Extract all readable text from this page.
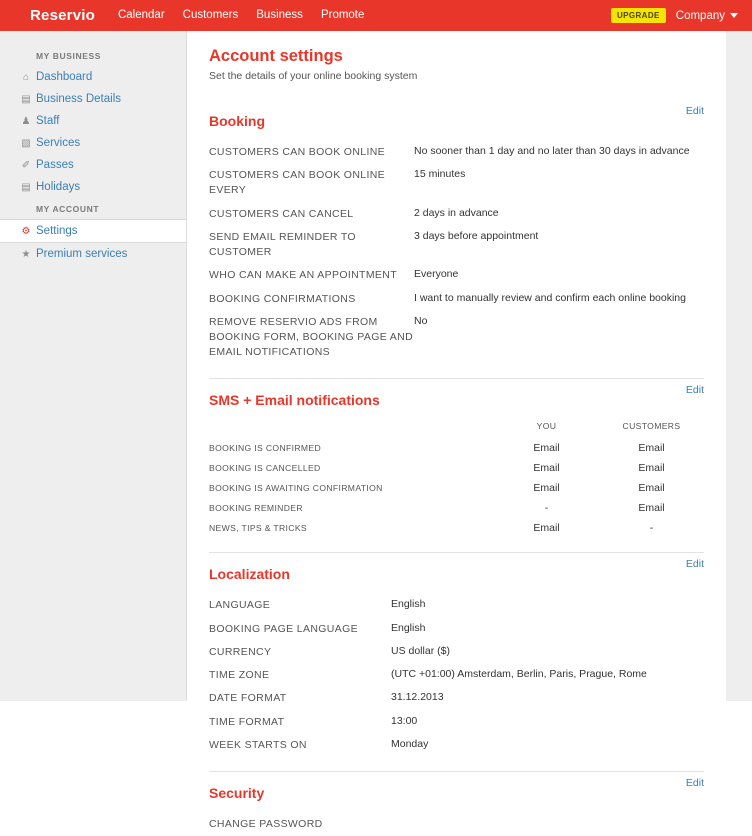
Reservio	Calendar	Customers	Business	Promote	UPGRADE	Company
MY BUSINESS
⌂ Dashboard
▤ Business Details
♟ Staff
▧ Services
✐ Passes
▤ Holidays
MY ACCOUNT
⚙ Settings
★ Premium services
Account settings

Set the details of your online booking system

Edit
Booking
CUSTOMERS CAN BOOK ONLINE	No sooner than 1 day and no later than 30 days in advance
CUSTOMERS CAN BOOK ONLINE EVERY	15 minutes
CUSTOMERS CAN CANCEL	2 days in advance
SEND EMAIL REMINDER TO CUSTOMER	3 days before appointment
WHO CAN MAKE AN APPOINTMENT	Everyone
BOOKING CONFIRMATIONS	I want to manually review and confirm each online booking
REMOVE RESERVIO ADS FROM BOOKING FORM, BOOKING PAGE AND EMAIL NOTIFICATIONS	No
Edit
SMS + Email notifications
	YOU	CUSTOMERS
BOOKING IS CONFIRMED	Email	Email
BOOKING IS CANCELLED	Email	Email
BOOKING IS AWAITING CONFIRMATION	Email	Email
BOOKING REMINDER	-	Email
NEWS, TIPS & TRICKS	Email	-
Edit
Localization
LANGUAGE	English
BOOKING PAGE LANGUAGE	English
CURRENCY	US dollar ($)
TIME ZONE	(UTC +01:00) Amsterdam, Berlin, Paris, Prague, Rome
DATE FORMAT	31.12.2013
TIME FORMAT	13:00
WEEK STARTS ON	Monday
Edit
Security
CHANGE PASSWORD	
